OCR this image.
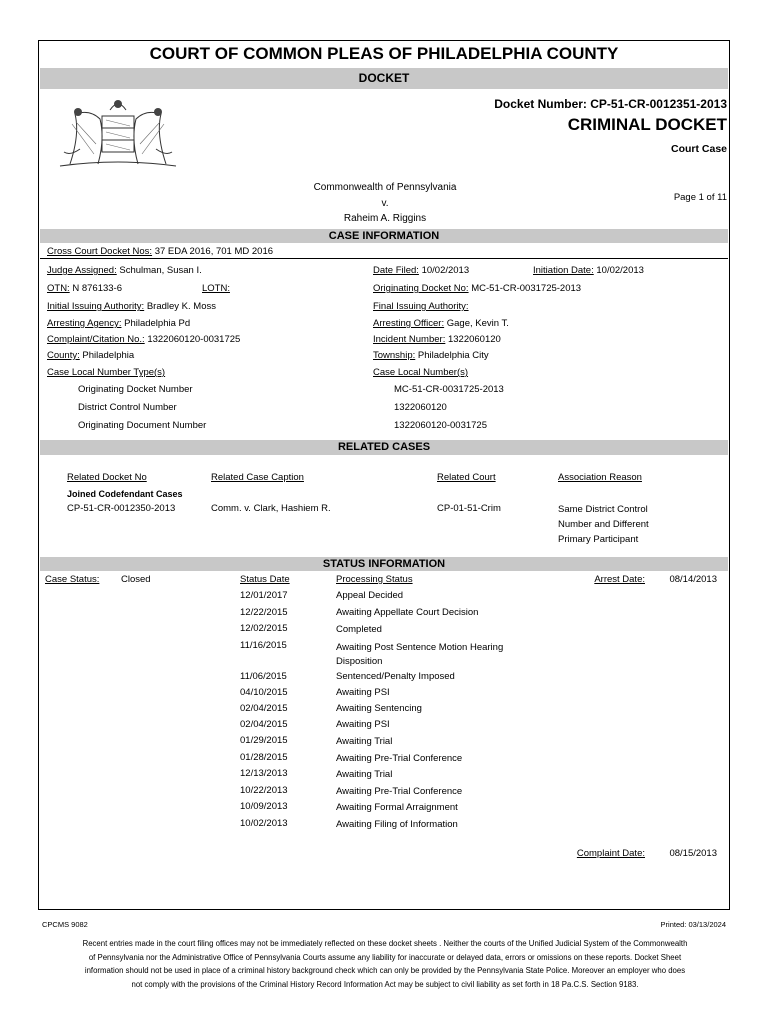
COURT OF COMMON PLEAS OF PHILADELPHIA COUNTY
DOCKET
Docket Number: CP-51-CR-0012351-2013
CRIMINAL DOCKET
Court Case
Commonwealth of Pennsylvania
v.
Raheim A. Riggins
Page 1 of 11
CASE INFORMATION
Cross Court Docket Nos: 37 EDA 2016, 701 MD 2016
Judge Assigned: Schulman, Susan I.	Date Filed: 10/02/2013	Initiation Date: 10/02/2013
OTN: N 876133-6	LOTN:	Originating Docket No: MC-51-CR-0031725-2013
Initial Issuing Authority: Bradley K. Moss	Final Issuing Authority:
Arresting Agency: Philadelphia Pd	Arresting Officer: Gage, Kevin T.
Complaint/Citation No.: 1322060120-0031725	Incident Number: 1322060120
County: Philadelphia	Township: Philadelphia City
Case Local Number Type(s)	Case Local Number(s)
Originating Docket Number	MC-51-CR-0031725-2013
District Control Number	1322060120
Originating Document Number	1322060120-0031725
RELATED CASES
Related Docket No	Related Case Caption	Related Court	Association Reason
Joined Codefendant Cases
CP-51-CR-0012350-2013	Comm. v. Clark, Hashiem R.	CP-01-51-Crim	Same District Control
Number and Different
Primary Participant
STATUS INFORMATION
Case Status: Closed	Status Date	Processing Status	Arrest Date:	08/14/2013
12/01/2017	Appeal Decided
12/22/2015	Awaiting Appellate Court Decision
12/02/2015	Completed
11/16/2015	Awaiting Post Sentence Motion Hearing
Disposition
11/06/2015	Sentenced/Penalty Imposed
04/10/2015	Awaiting PSI
02/04/2015	Awaiting Sentencing
02/04/2015	Awaiting PSI
01/29/2015	Awaiting Trial
01/28/2015	Awaiting Pre-Trial Conference
12/13/2013	Awaiting Trial
10/22/2013	Awaiting Pre-Trial Conference
10/09/2013	Awaiting Formal Arraignment
10/02/2013	Awaiting Filing of Information
Complaint Date:	08/15/2013
CPCMS 9082	Printed: 03/13/2024
Recent entries made in the court filing offices may not be immediately reflected on these docket sheets . Neither the courts of the Unified Judicial System of the Commonwealth of Pennsylvania nor the Administrative Office of Pennsylvania Courts assume any liability for inaccurate or delayed data, errors or omissions on these reports. Docket Sheet information should not be used in place of a criminal history background check which can only be provided by the Pennsylvania State Police. Moreover an employer who does not comply with the provisions of the Criminal History Record Information Act may be subject to civil liability as set forth in 18 Pa.C.S. Section 9183.
